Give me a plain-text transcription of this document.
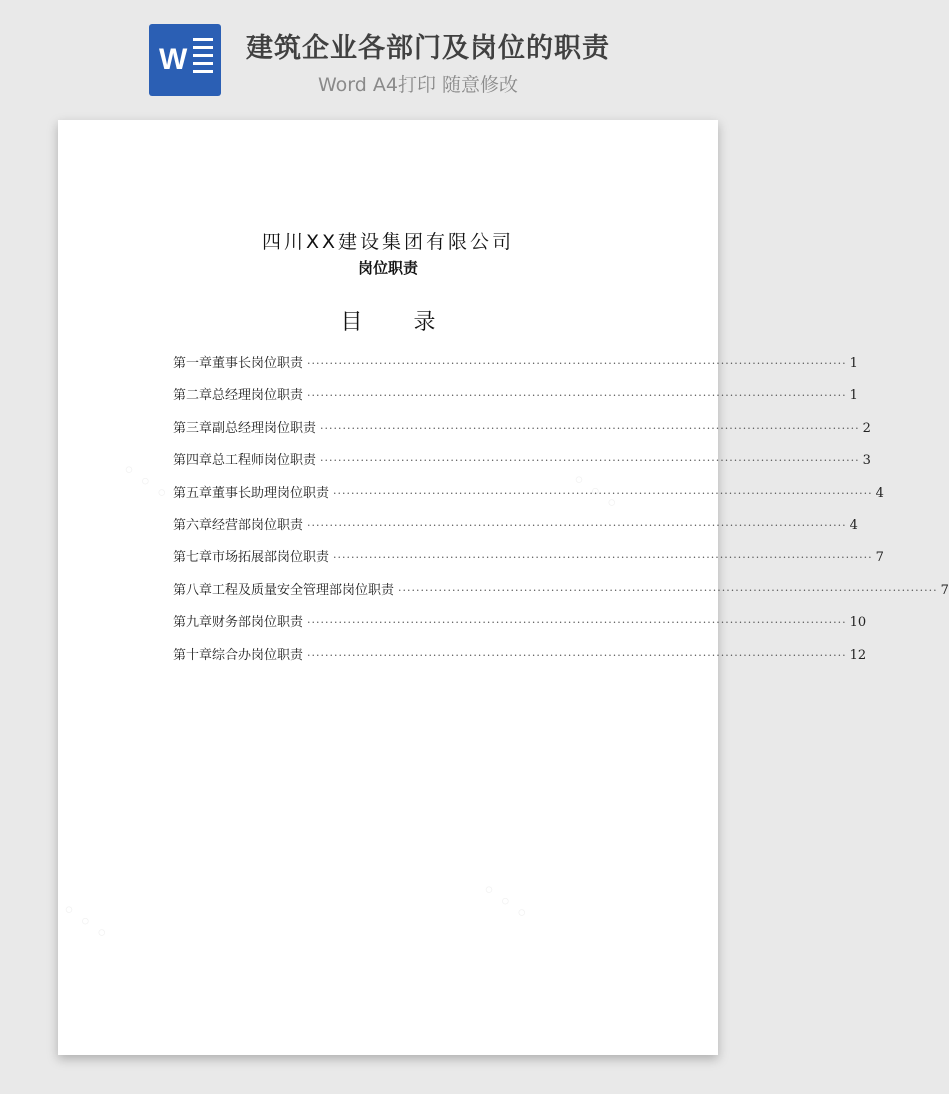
W 建筑企业各部门及岗位的职责
Word A4打印 随意修改
◦ ◦ ◦	◦ ◦ ◦
◦ ◦ ◦	◦ ◦ ◦
四川XX建设集团有限公司
岗位职责
目 录
第一章 董事长岗位职责 ························································································································ 1
第二章 总经理岗位职责 ························································································································ 1
第三章 副总经理岗位职责 ························································································································ 2
第四章 总工程师岗位职责 ························································································································ 3
第五章 董事长助理岗位职责 ························································································································ 4
第六章 经营部岗位职责 ························································································································ 4
第七章 市场拓展部岗位职责 ························································································································ 7
第八章 工程及质量安全管理部岗位职责 ························································································································ 7
第九章 财务部岗位职责 ························································································································ 10
第十章 综合办岗位职责 ························································································································ 12
